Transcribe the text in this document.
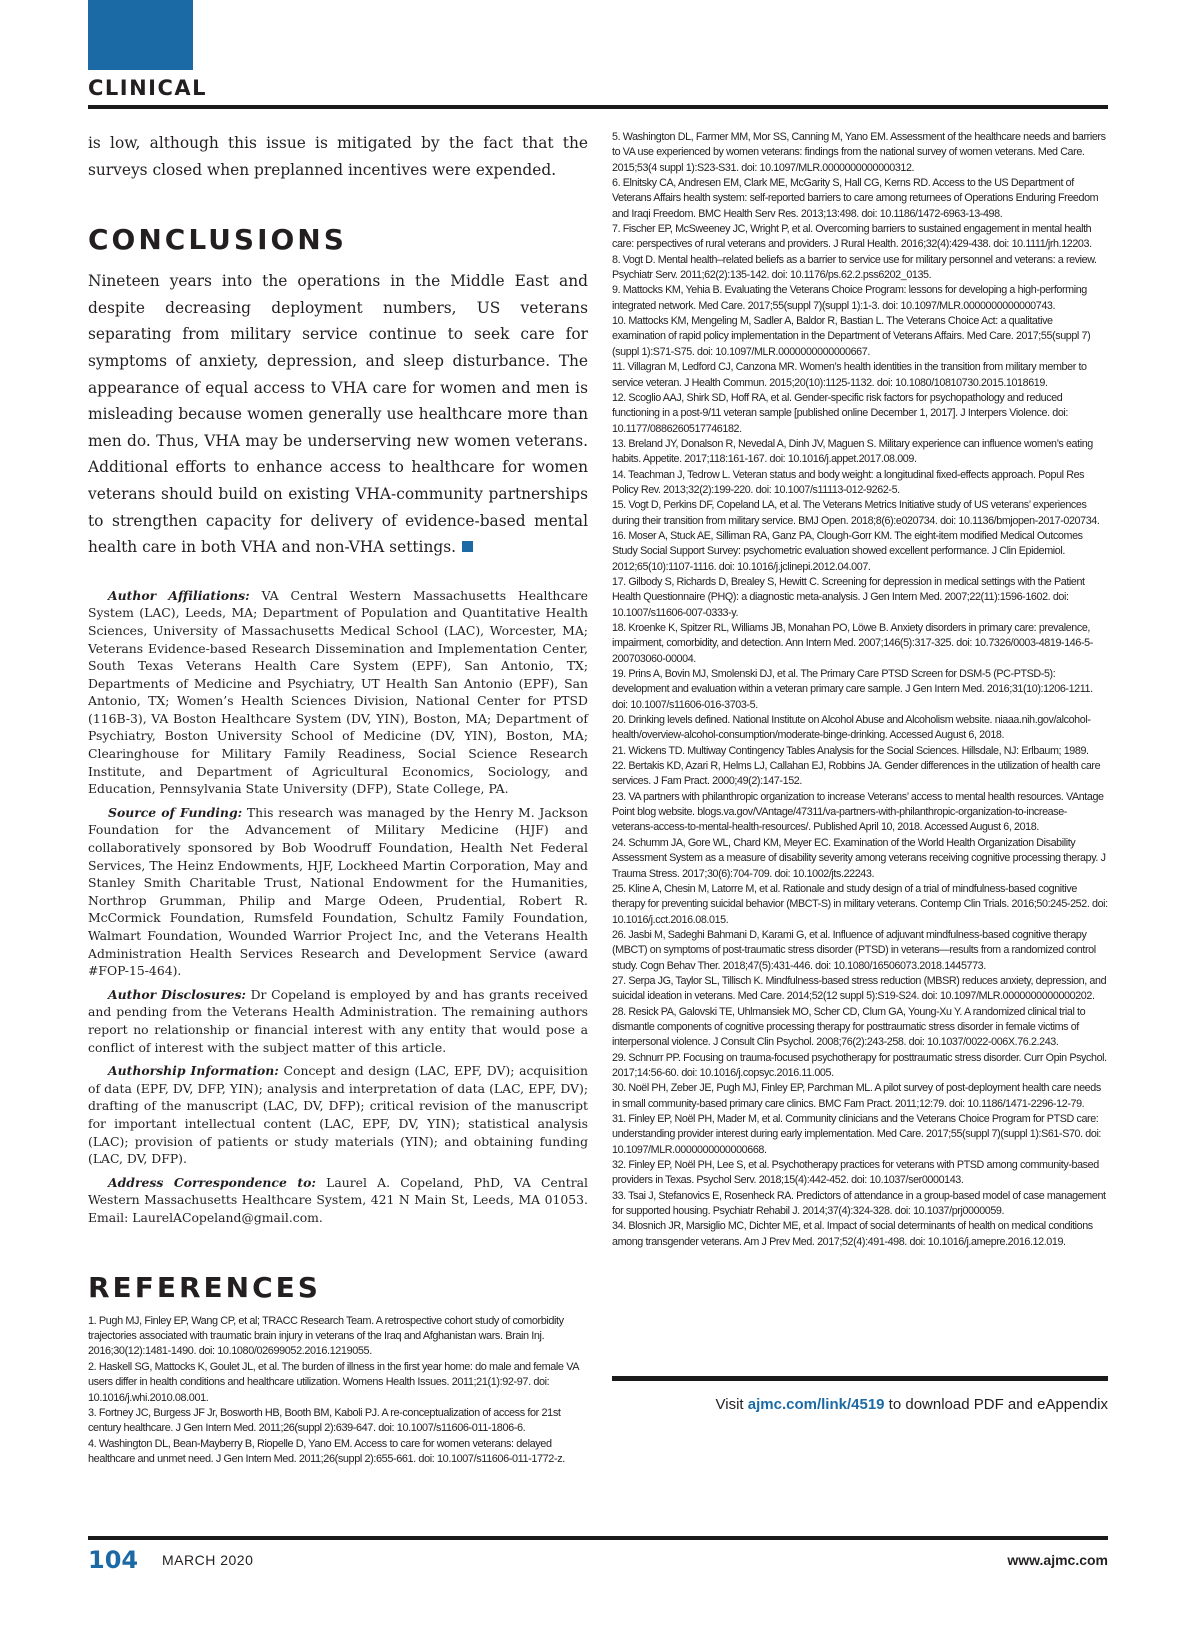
CLINICAL

is low, although this issue is mitigated by the fact that the surveys closed when preplanned incentives were expended.

CONCLUSIONS

Nineteen years into the operations in the Middle East and despite decreasing deployment numbers, US veterans separating from military service continue to seek care for symptoms of anxiety, depression, and sleep disturbance. The appearance of equal access to VHA care for women and men is misleading because women generally use healthcare more than men do. Thus, VHA may be underserving new women veterans. Additional efforts to enhance access to healthcare for women veterans should build on existing VHA-community partnerships to strengthen capacity for delivery of evidence-based mental health care in both VHA and non-VHA settings.

Author Affiliations: VA Central Western Massachusetts Healthcare System (LAC), Leeds, MA; Department of Population and Quantitative Health Sciences, University of Massachusetts Medical School (LAC), Worcester, MA; Veterans Evidence-based Research Dissemination and Implementation Center, South Texas Veterans Health Care System (EPF), San Antonio, TX; Departments of Medicine and Psychiatry, UT Health San Antonio (EPF), San Antonio, TX; Women’s Health Sciences Division, National Center for PTSD (116B-3), VA Boston Healthcare System (DV, YIN), Boston, MA; Department of Psychiatry, Boston University School of Medicine (DV, YIN), Boston, MA; Clearinghouse for Military Family Readiness, Social Science Research Institute, and Department of Agricultural Economics, Sociology, and Education, Pennsylvania State University (DFP), State College, PA.

Source of Funding: This research was managed by the Henry M. Jackson Foundation for the Advancement of Military Medicine (HJF) and collaboratively sponsored by Bob Woodruff Foundation, Health Net Federal Services, The Heinz Endowments, HJF, Lockheed Martin Corporation, May and Stanley Smith Charitable Trust, National Endowment for the Humanities, Northrop Grumman, Philip and Marge Odeen, Prudential, Robert R. McCormick Foundation, Rumsfeld Foundation, Schultz Family Foundation, Walmart Foundation, Wounded Warrior Project Inc, and the Veterans Health Administration Health Services Research and Development Service (award #FOP-15-464).

Author Disclosures: Dr Copeland is employed by and has grants received and pending from the Veterans Health Administration. The remaining authors report no relationship or financial interest with any entity that would pose a conflict of interest with the subject matter of this article.

Authorship Information: Concept and design (LAC, EPF, DV); acquisition of data (EPF, DV, DFP, YIN); analysis and interpretation of data (LAC, EPF, DV); drafting of the manuscript (LAC, DV, DFP); critical revision of the manuscript for important intellectual content (LAC, EPF, DV, YIN); statistical analysis (LAC); provision of patients or study materials (YIN); and obtaining funding (LAC, DV, DFP).

Address Correspondence to: Laurel A. Copeland, PhD, VA Central Western Massachusetts Healthcare System, 421 N Main St, Leeds, MA 01053. Email: LaurelACopeland@gmail.com.

REFERENCES

1. Pugh MJ, Finley EP, Wang CP, et al; TRACC Research Team. A retrospective cohort study of comorbidity trajectories associated with traumatic brain injury in veterans of the Iraq and Afghanistan wars. Brain Inj. 2016;30(12):1481-1490. doi: 10.1080/02699052.2016.1219055.

2. Haskell SG, Mattocks K, Goulet JL, et al. The burden of illness in the first year home: do male and female VA users differ in health conditions and healthcare utilization. Womens Health Issues. 2011;21(1):92-97. doi: 10.1016/j.whi.2010.08.001.

3. Fortney JC, Burgess JF Jr, Bosworth HB, Booth BM, Kaboli PJ. A re-conceptualization of access for 21st century healthcare. J Gen Intern Med. 2011;26(suppl 2):639-647. doi: 10.1007/s11606-011-1806-6.

4. Washington DL, Bean-Mayberry B, Riopelle D, Yano EM. Access to care for women veterans: delayed healthcare and unmet need. J Gen Intern Med. 2011;26(suppl 2):655-661. doi: 10.1007/s11606-011-1772-z.

5. Washington DL, Farmer MM, Mor SS, Canning M, Yano EM. Assessment of the healthcare needs and barriers to VA use experienced by women veterans: findings from the national survey of women veterans. Med Care. 2015;53(4 suppl 1):S23-S31. doi: 10.1097/MLR.0000000000000312.

6. Elnitsky CA, Andresen EM, Clark ME, McGarity S, Hall CG, Kerns RD. Access to the US Department of Veterans Affairs health system: self-reported barriers to care among returnees of Operations Enduring Freedom and Iraqi Freedom. BMC Health Serv Res. 2013;13:498. doi: 10.1186/1472-6963-13-498.

7. Fischer EP, McSweeney JC, Wright P, et al. Overcoming barriers to sustained engagement in mental health care: perspectives of rural veterans and providers. J Rural Health. 2016;32(4):429-438. doi: 10.1111/jrh.12203.

8. Vogt D. Mental health–related beliefs as a barrier to service use for military personnel and veterans: a review. Psychiatr Serv. 2011;62(2):135-142. doi: 10.1176/ps.62.2.pss6202_0135.

9. Mattocks KM, Yehia B. Evaluating the Veterans Choice Program: lessons for developing a high-performing integrated network. Med Care. 2017;55(suppl 7)(suppl 1):1-3. doi: 10.1097/MLR.0000000000000743.

10. Mattocks KM, Mengeling M, Sadler A, Baldor R, Bastian L. The Veterans Choice Act: a qualitative examination of rapid policy implementation in the Department of Veterans Affairs. Med Care. 2017;55(suppl 7)(suppl 1):S71-S75. doi: 10.1097/MLR.0000000000000667.

11. Villagran M, Ledford CJ, Canzona MR. Women’s health identities in the transition from military member to service veteran. J Health Commun. 2015;20(10):1125-1132. doi: 10.1080/10810730.2015.1018619.

12. Scoglio AAJ, Shirk SD, Hoff RA, et al. Gender-specific risk factors for psychopathology and reduced functioning in a post-9/11 veteran sample [published online December 1, 2017]. J Interpers Violence. doi: 10.1177/0886260517746182.

13. Breland JY, Donalson R, Nevedal A, Dinh JV, Maguen S. Military experience can influence women’s eating habits. Appetite. 2017;118:161-167. doi: 10.1016/j.appet.2017.08.009.

14. Teachman J, Tedrow L. Veteran status and body weight: a longitudinal fixed-effects approach. Popul Res Policy Rev. 2013;32(2):199-220. doi: 10.1007/s11113-012-9262-5.

15. Vogt D, Perkins DF, Copeland LA, et al. The Veterans Metrics Initiative study of US veterans’ experiences during their transition from military service. BMJ Open. 2018;8(6):e020734. doi: 10.1136/bmjopen-2017-020734.

16. Moser A, Stuck AE, Silliman RA, Ganz PA, Clough-Gorr KM. The eight-item modified Medical Outcomes Study Social Support Survey: psychometric evaluation showed excellent performance. J Clin Epidemiol. 2012;65(10):1107-1116. doi: 10.1016/j.jclinepi.2012.04.007.

17. Gilbody S, Richards D, Brealey S, Hewitt C. Screening for depression in medical settings with the Patient Health Questionnaire (PHQ): a diagnostic meta-analysis. J Gen Intern Med. 2007;22(11):1596-1602. doi: 10.1007/s11606-007-0333-y.

18. Kroenke K, Spitzer RL, Williams JB, Monahan PO, Löwe B. Anxiety disorders in primary care: prevalence, impairment, comorbidity, and detection. Ann Intern Med. 2007;146(5):317-325. doi: 10.7326/0003-4819-146-5-200703060-00004.

19. Prins A, Bovin MJ, Smolenski DJ, et al. The Primary Care PTSD Screen for DSM-5 (PC-PTSD-5): development and evaluation within a veteran primary care sample. J Gen Intern Med. 2016;31(10):1206-1211. doi: 10.1007/s11606-016-3703-5.

20. Drinking levels defined. National Institute on Alcohol Abuse and Alcoholism website. niaaa.nih.gov/alcohol-health/overview-alcohol-consumption/moderate-binge-drinking. Accessed August 6, 2018.

21. Wickens TD. Multiway Contingency Tables Analysis for the Social Sciences. Hillsdale, NJ: Erlbaum; 1989.

22. Bertakis KD, Azari R, Helms LJ, Callahan EJ, Robbins JA. Gender differences in the utilization of health care services. J Fam Pract. 2000;49(2):147-152.

23. VA partners with philanthropic organization to increase Veterans’ access to mental health resources. VAntage Point blog website. blogs.va.gov/VAntage/47311/va-partners-with-philanthropic-organization-to-increase-veterans-access-to-mental-health-resources/. Published April 10, 2018. Accessed August 6, 2018.

24. Schumm JA, Gore WL, Chard KM, Meyer EC. Examination of the World Health Organization Disability Assessment System as a measure of disability severity among veterans receiving cognitive processing therapy. J Trauma Stress. 2017;30(6):704-709. doi: 10.1002/jts.22243.

25. Kline A, Chesin M, Latorre M, et al. Rationale and study design of a trial of mindfulness-based cognitive therapy for preventing suicidal behavior (MBCT-S) in military veterans. Contemp Clin Trials. 2016;50:245-252. doi: 10.1016/j.cct.2016.08.015.

26. Jasbi M, Sadeghi Bahmani D, Karami G, et al. Influence of adjuvant mindfulness-based cognitive therapy (MBCT) on symptoms of post-traumatic stress disorder (PTSD) in veterans—results from a randomized control study. Cogn Behav Ther. 2018;47(5):431-446. doi: 10.1080/16506073.2018.1445773.

27. Serpa JG, Taylor SL, Tillisch K. Mindfulness-based stress reduction (MBSR) reduces anxiety, depression, and suicidal ideation in veterans. Med Care. 2014;52(12 suppl 5):S19-S24. doi: 10.1097/MLR.0000000000000202.

28. Resick PA, Galovski TE, Uhlmansiek MO, Scher CD, Clum GA, Young-Xu Y. A randomized clinical trial to dismantle components of cognitive processing therapy for posttraumatic stress disorder in female victims of interpersonal violence. J Consult Clin Psychol. 2008;76(2):243-258. doi: 10.1037/0022-006X.76.2.243.

29. Schnurr PP. Focusing on trauma-focused psychotherapy for posttraumatic stress disorder. Curr Opin Psychol. 2017;14:56-60. doi: 10.1016/j.copsyc.2016.11.005.

30. Noël PH, Zeber JE, Pugh MJ, Finley EP, Parchman ML. A pilot survey of post-deployment health care needs in small community-based primary care clinics. BMC Fam Pract. 2011;12:79. doi: 10.1186/1471-2296-12-79.

31. Finley EP, Noël PH, Mader M, et al. Community clinicians and the Veterans Choice Program for PTSD care: understanding provider interest during early implementation. Med Care. 2017;55(suppl 7)(suppl 1):S61-S70. doi: 10.1097/MLR.0000000000000668.

32. Finley EP, Noël PH, Lee S, et al. Psychotherapy practices for veterans with PTSD among community-based providers in Texas. Psychol Serv. 2018;15(4):442-452. doi: 10.1037/ser0000143.

33. Tsai J, Stefanovics E, Rosenheck RA. Predictors of attendance in a group-based model of case management for supported housing. Psychiatr Rehabil J. 2014;37(4):324-328. doi: 10.1037/prj0000059.

34. Blosnich JR, Marsiglio MC, Dichter ME, et al. Impact of social determinants of health on medical conditions among transgender veterans. Am J Prev Med. 2017;52(4):491-498. doi: 10.1016/j.amepre.2016.12.019.

Visit ajmc.com/link/4519 to download PDF and eAppendix
104 MARCH 2020	www.ajmc.com
